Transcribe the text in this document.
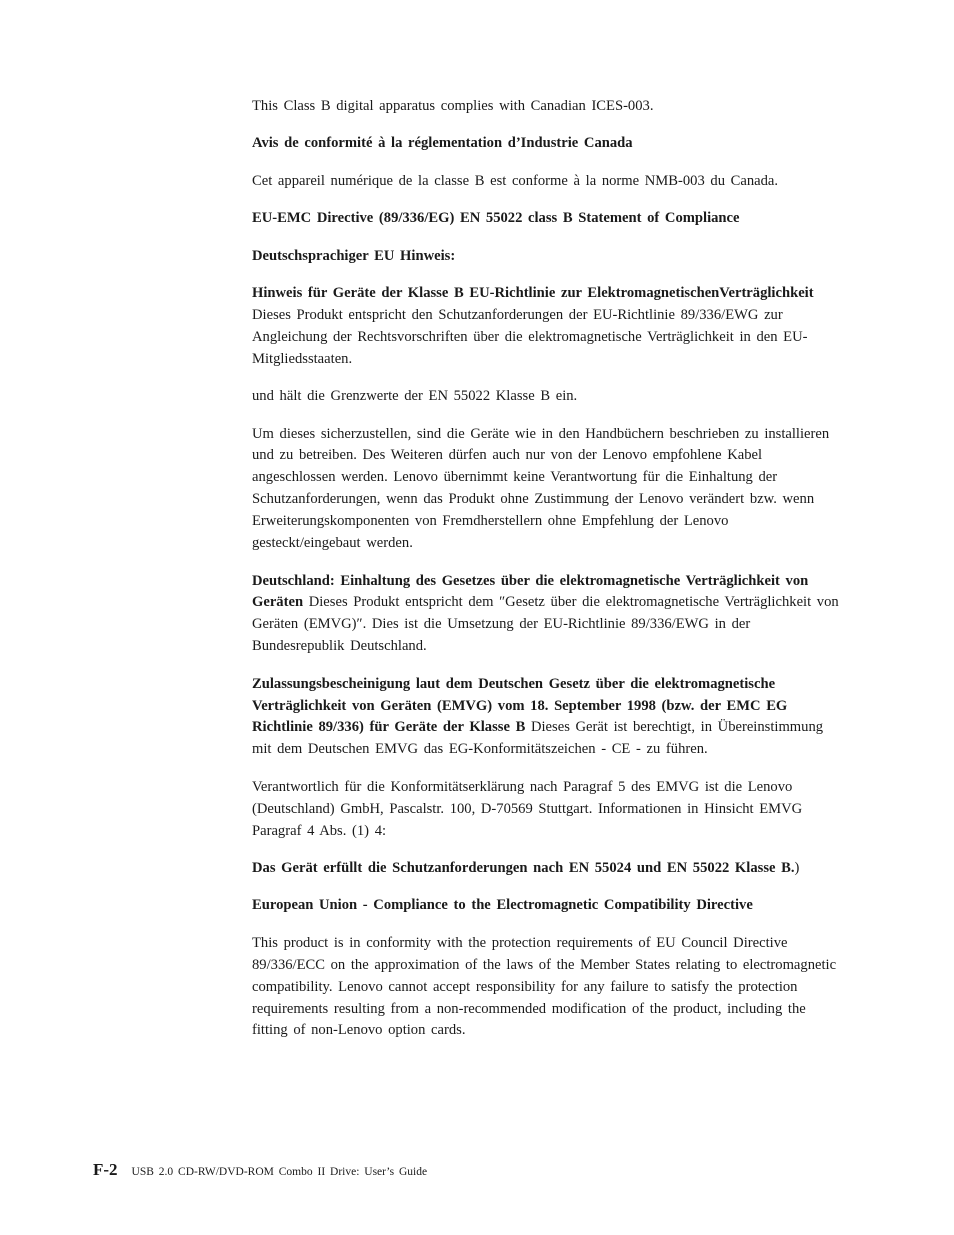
This Class B digital apparatus complies with Canadian ICES-003.

Avis de conformité à la réglementation d’Industrie Canada

Cet appareil numérique de la classe B est conforme à la norme NMB-003 du Canada.

EU-EMC Directive (89/336/EG) EN 55022 class B Statement of Compliance

Deutschsprachiger EU Hinweis:

Hinweis für Geräte der Klasse B EU-Richtlinie zur ElektromagnetischenVerträglichkeit Dieses Produkt entspricht den Schutzanforderungen der EU-Richtlinie 89/336/EWG zur Angleichung der Rechtsvorschriften über die elektromagnetische Verträglichkeit in den EU-Mitgliedsstaaten.

und hält die Grenzwerte der EN 55022 Klasse B ein.

Um dieses sicherzustellen, sind die Geräte wie in den Handbüchern beschrieben zu installieren und zu betreiben. Des Weiteren dürfen auch nur von der Lenovo empfohlene Kabel angeschlossen werden. Lenovo übernimmt keine Verantwortung für die Einhaltung der Schutzanforderungen, wenn das Produkt ohne Zustimmung der Lenovo verändert bzw. wenn Erweiterungskomponenten von Fremdherstellern ohne Empfehlung der Lenovo gesteckt/eingebaut werden.

Deutschland: Einhaltung des Gesetzes über die elektromagnetische Verträglichkeit von Geräten Dieses Produkt entspricht dem ″Gesetz über die elektromagnetische Verträglichkeit von Geräten (EMVG)″. Dies ist die Umsetzung der EU-Richtlinie 89/336/EWG in der Bundesrepublik Deutschland.

Zulassungsbescheinigung laut dem Deutschen Gesetz über die elektromagnetische Verträglichkeit von Geräten (EMVG) vom 18. September 1998 (bzw. der EMC EG Richtlinie 89/336) für Geräte der Klasse B Dieses Gerät ist berechtigt, in Übereinstimmung mit dem Deutschen EMVG das EG-Konformitätszeichen - CE - zu führen.

Verantwortlich für die Konformitätserklärung nach Paragraf 5 des EMVG ist die Lenovo (Deutschland) GmbH, Pascalstr. 100, D-70569 Stuttgart. Informationen in Hinsicht EMVG Paragraf 4 Abs. (1) 4:

Das Gerät erfüllt die Schutzanforderungen nach EN 55024 und EN 55022 Klasse B.)

European Union - Compliance to the Electromagnetic Compatibility Directive

This product is in conformity with the protection requirements of EU Council Directive 89/336/ECC on the approximation of the laws of the Member States relating to electromagnetic compatibility. Lenovo cannot accept responsibility for any failure to satisfy the protection requirements resulting from a non-recommended modification of the product, including the fitting of non-Lenovo option cards.

F-2 USB 2.0 CD-RW/DVD-ROM Combo II Drive: User’s Guide
